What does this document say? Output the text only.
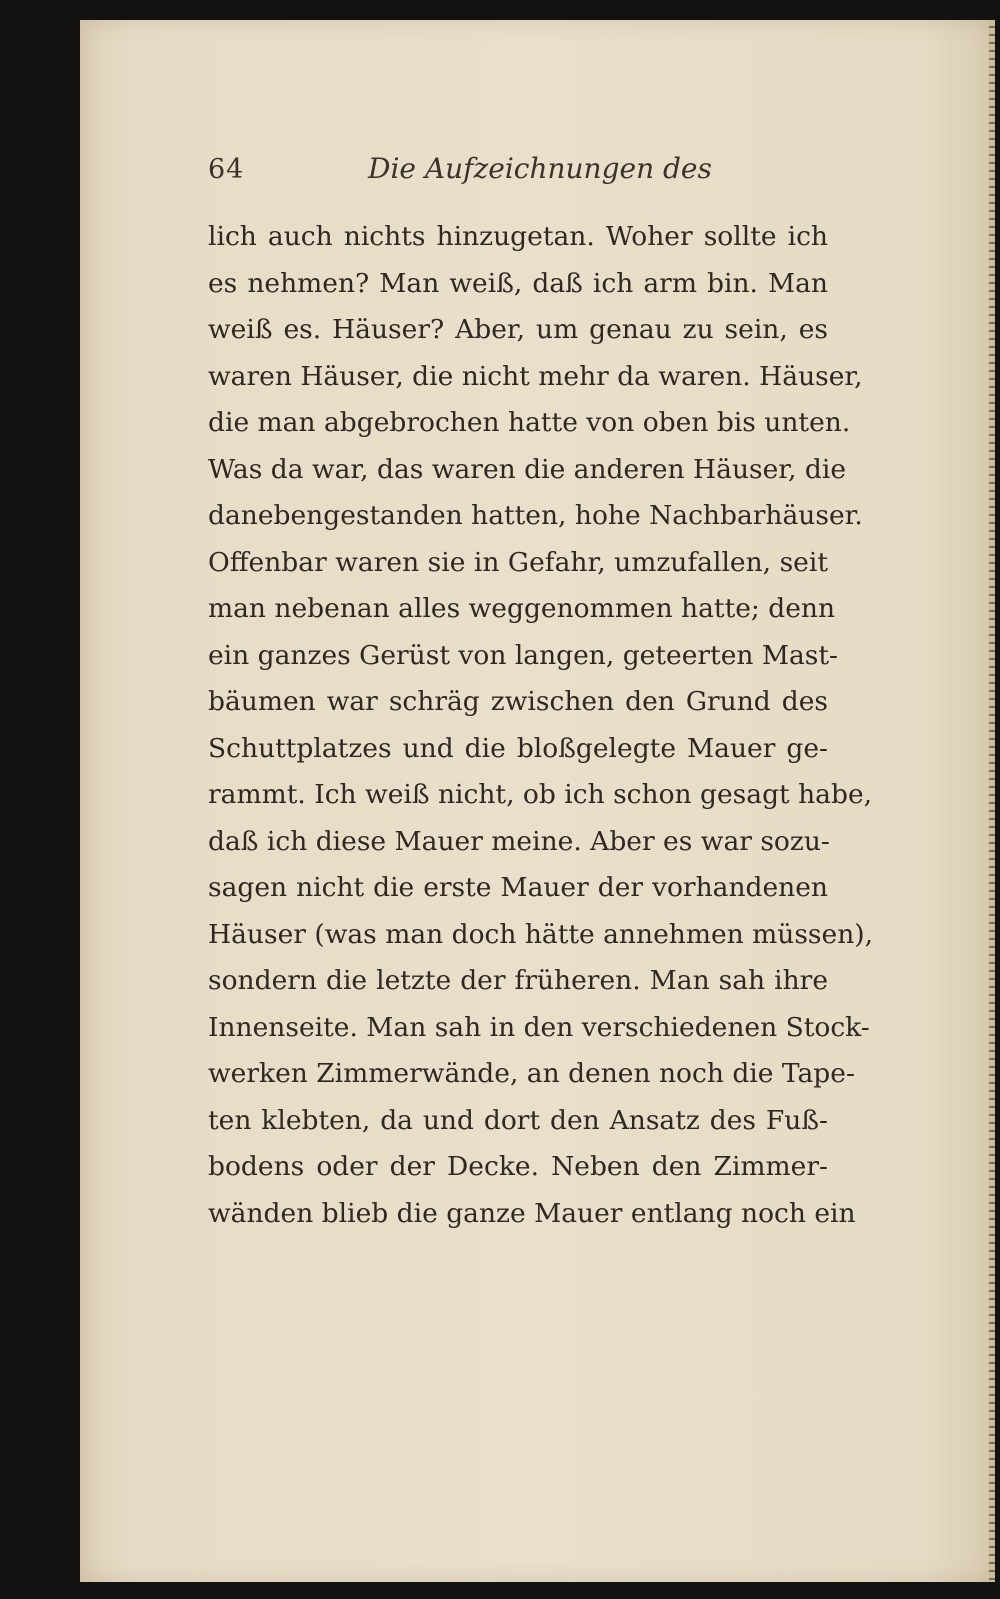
64	Die Aufzeichnungen des
lich auch nichts hinzugetan. Woher sollte ich
es nehmen? Man weiß, daß ich arm bin. Man
weiß es. Häuser? Aber, um genau zu sein, es
waren Häuser, die nicht mehr da waren. Häuser,
die man abgebrochen hatte von oben bis unten.
Was da war, das waren die anderen Häuser, die
danebengestanden hatten, hohe Nachbarhäuser.
Offenbar waren sie in Gefahr, umzufallen, seit
man nebenan alles weggenommen hatte; denn
ein ganzes Gerüst von langen, geteerten Mast-
bäumen war schräg zwischen den Grund des
Schuttplatzes und die bloßgelegte Mauer ge-
rammt. Ich weiß nicht, ob ich schon gesagt habe,
daß ich diese Mauer meine. Aber es war sozu-
sagen nicht die erste Mauer der vorhandenen
Häuser (was man doch hätte annehmen müssen),
sondern die letzte der früheren. Man sah ihre
Innenseite. Man sah in den verschiedenen Stock-
werken Zimmerwände, an denen noch die Tape-
ten klebten, da und dort den Ansatz des Fuß-
bodens oder der Decke. Neben den Zimmer-
wänden blieb die ganze Mauer entlang noch ein
